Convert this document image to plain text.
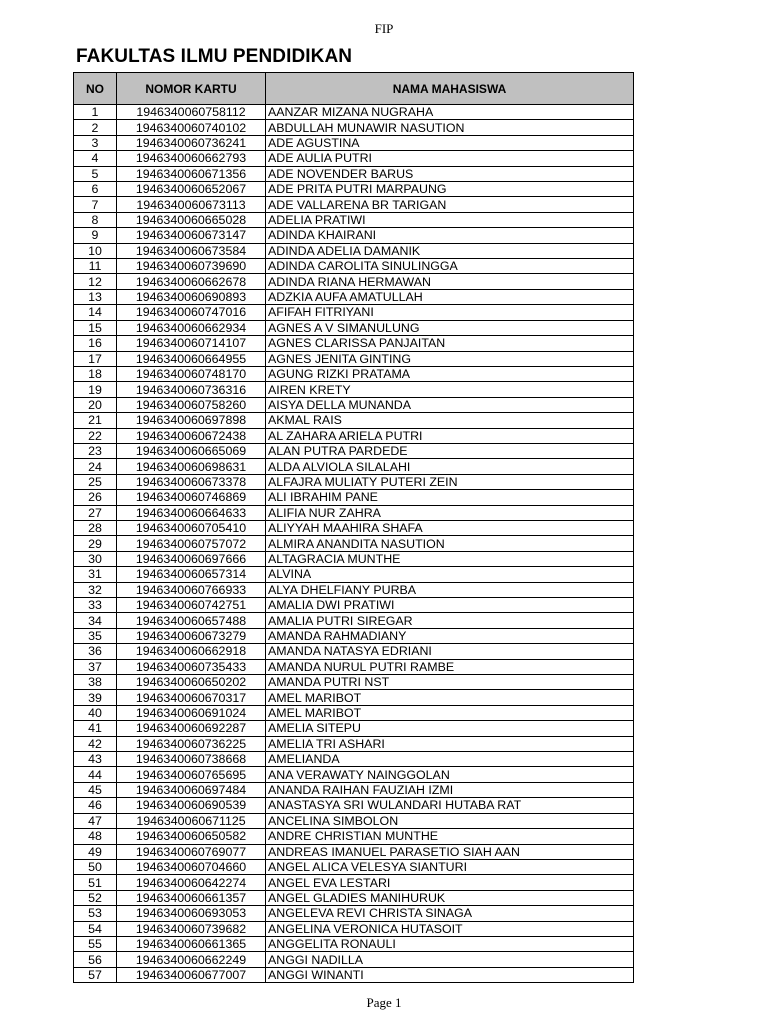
FIP
FAKULTAS ILMU PENDIDIKAN
NO	NOMOR KARTU	NAMA MAHASISWA
1	1946340060758112	AANZAR MIZANA NUGRAHA
2	1946340060740102	ABDULLAH MUNAWIR NASUTION
3	1946340060736241	ADE AGUSTINA
4	1946340060662793	ADE AULIA PUTRI
5	1946340060671356	ADE NOVENDER BARUS
6	1946340060652067	ADE PRITA PUTRI MARPAUNG
7	1946340060673113	ADE VALLARENA BR TARIGAN
8	1946340060665028	ADELIA PRATIWI
9	1946340060673147	ADINDA KHAIRANI
10	1946340060673584	ADINDA ADELIA DAMANIK
11	1946340060739690	ADINDA CAROLITA SINULINGGA
12	1946340060662678	ADINDA RIANA HERMAWAN
13	1946340060690893	ADZKIA AUFA AMATULLAH
14	1946340060747016	AFIFAH FITRIYANI
15	1946340060662934	AGNES A V SIMANULUNG
16	1946340060714107	AGNES CLARISSA PANJAITAN
17	1946340060664955	AGNES JENITA GINTING
18	1946340060748170	AGUNG RIZKI PRATAMA
19	1946340060736316	AIREN KRETY
20	1946340060758260	AISYA DELLA MUNANDA
21	1946340060697898	AKMAL RAIS
22	1946340060672438	AL ZAHARA ARIELA PUTRI
23	1946340060665069	ALAN PUTRA PARDEDE
24	1946340060698631	ALDA ALVIOLA SILALAHI
25	1946340060673378	ALFAJRA MULIATY PUTERI ZEIN
26	1946340060746869	ALI IBRAHIM PANE
27	1946340060664633	ALIFIA NUR ZAHRA
28	1946340060705410	ALIYYAH MAAHIRA SHAFA
29	1946340060757072	ALMIRA ANANDITA NASUTION
30	1946340060697666	ALTAGRACIA MUNTHE
31	1946340060657314	ALVINA
32	1946340060766933	ALYA DHELFIANY PURBA
33	1946340060742751	AMALIA DWI PRATIWI
34	1946340060657488	AMALIA PUTRI SIREGAR
35	1946340060673279	AMANDA RAHMADIANY
36	1946340060662918	AMANDA NATASYA EDRIANI
37	1946340060735433	AMANDA NURUL PUTRI RAMBE
38	1946340060650202	AMANDA PUTRI NST
39	1946340060670317	AMEL MARIBOT
40	1946340060691024	AMEL MARIBOT
41	1946340060692287	AMELIA SITEPU
42	1946340060736225	AMELIA TRI ASHARI
43	1946340060738668	AMELIANDA
44	1946340060765695	ANA VERAWATY NAINGGOLAN
45	1946340060697484	ANANDA RAIHAN FAUZIAH IZMI
46	1946340060690539	ANASTASYA SRI WULANDARI HUTABA RAT
47	1946340060671125	ANCELINA SIMBOLON
48	1946340060650582	ANDRE CHRISTIAN MUNTHE
49	1946340060769077	ANDREAS IMANUEL PARASETIO SIAH AAN
50	1946340060704660	ANGEL ALICA VELESYA SIANTURI
51	1946340060642274	ANGEL EVA LESTARI
52	1946340060661357	ANGEL GLADIES MANIHURUK
53	1946340060693053	ANGELEVA REVI CHRISTA SINAGA
54	1946340060739682	ANGELINA VERONICA HUTASOIT
55	1946340060661365	ANGGELITA RONAULI
56	1946340060662249	ANGGI NADILLA
57	1946340060677007	ANGGI WINANTI
Page 1
